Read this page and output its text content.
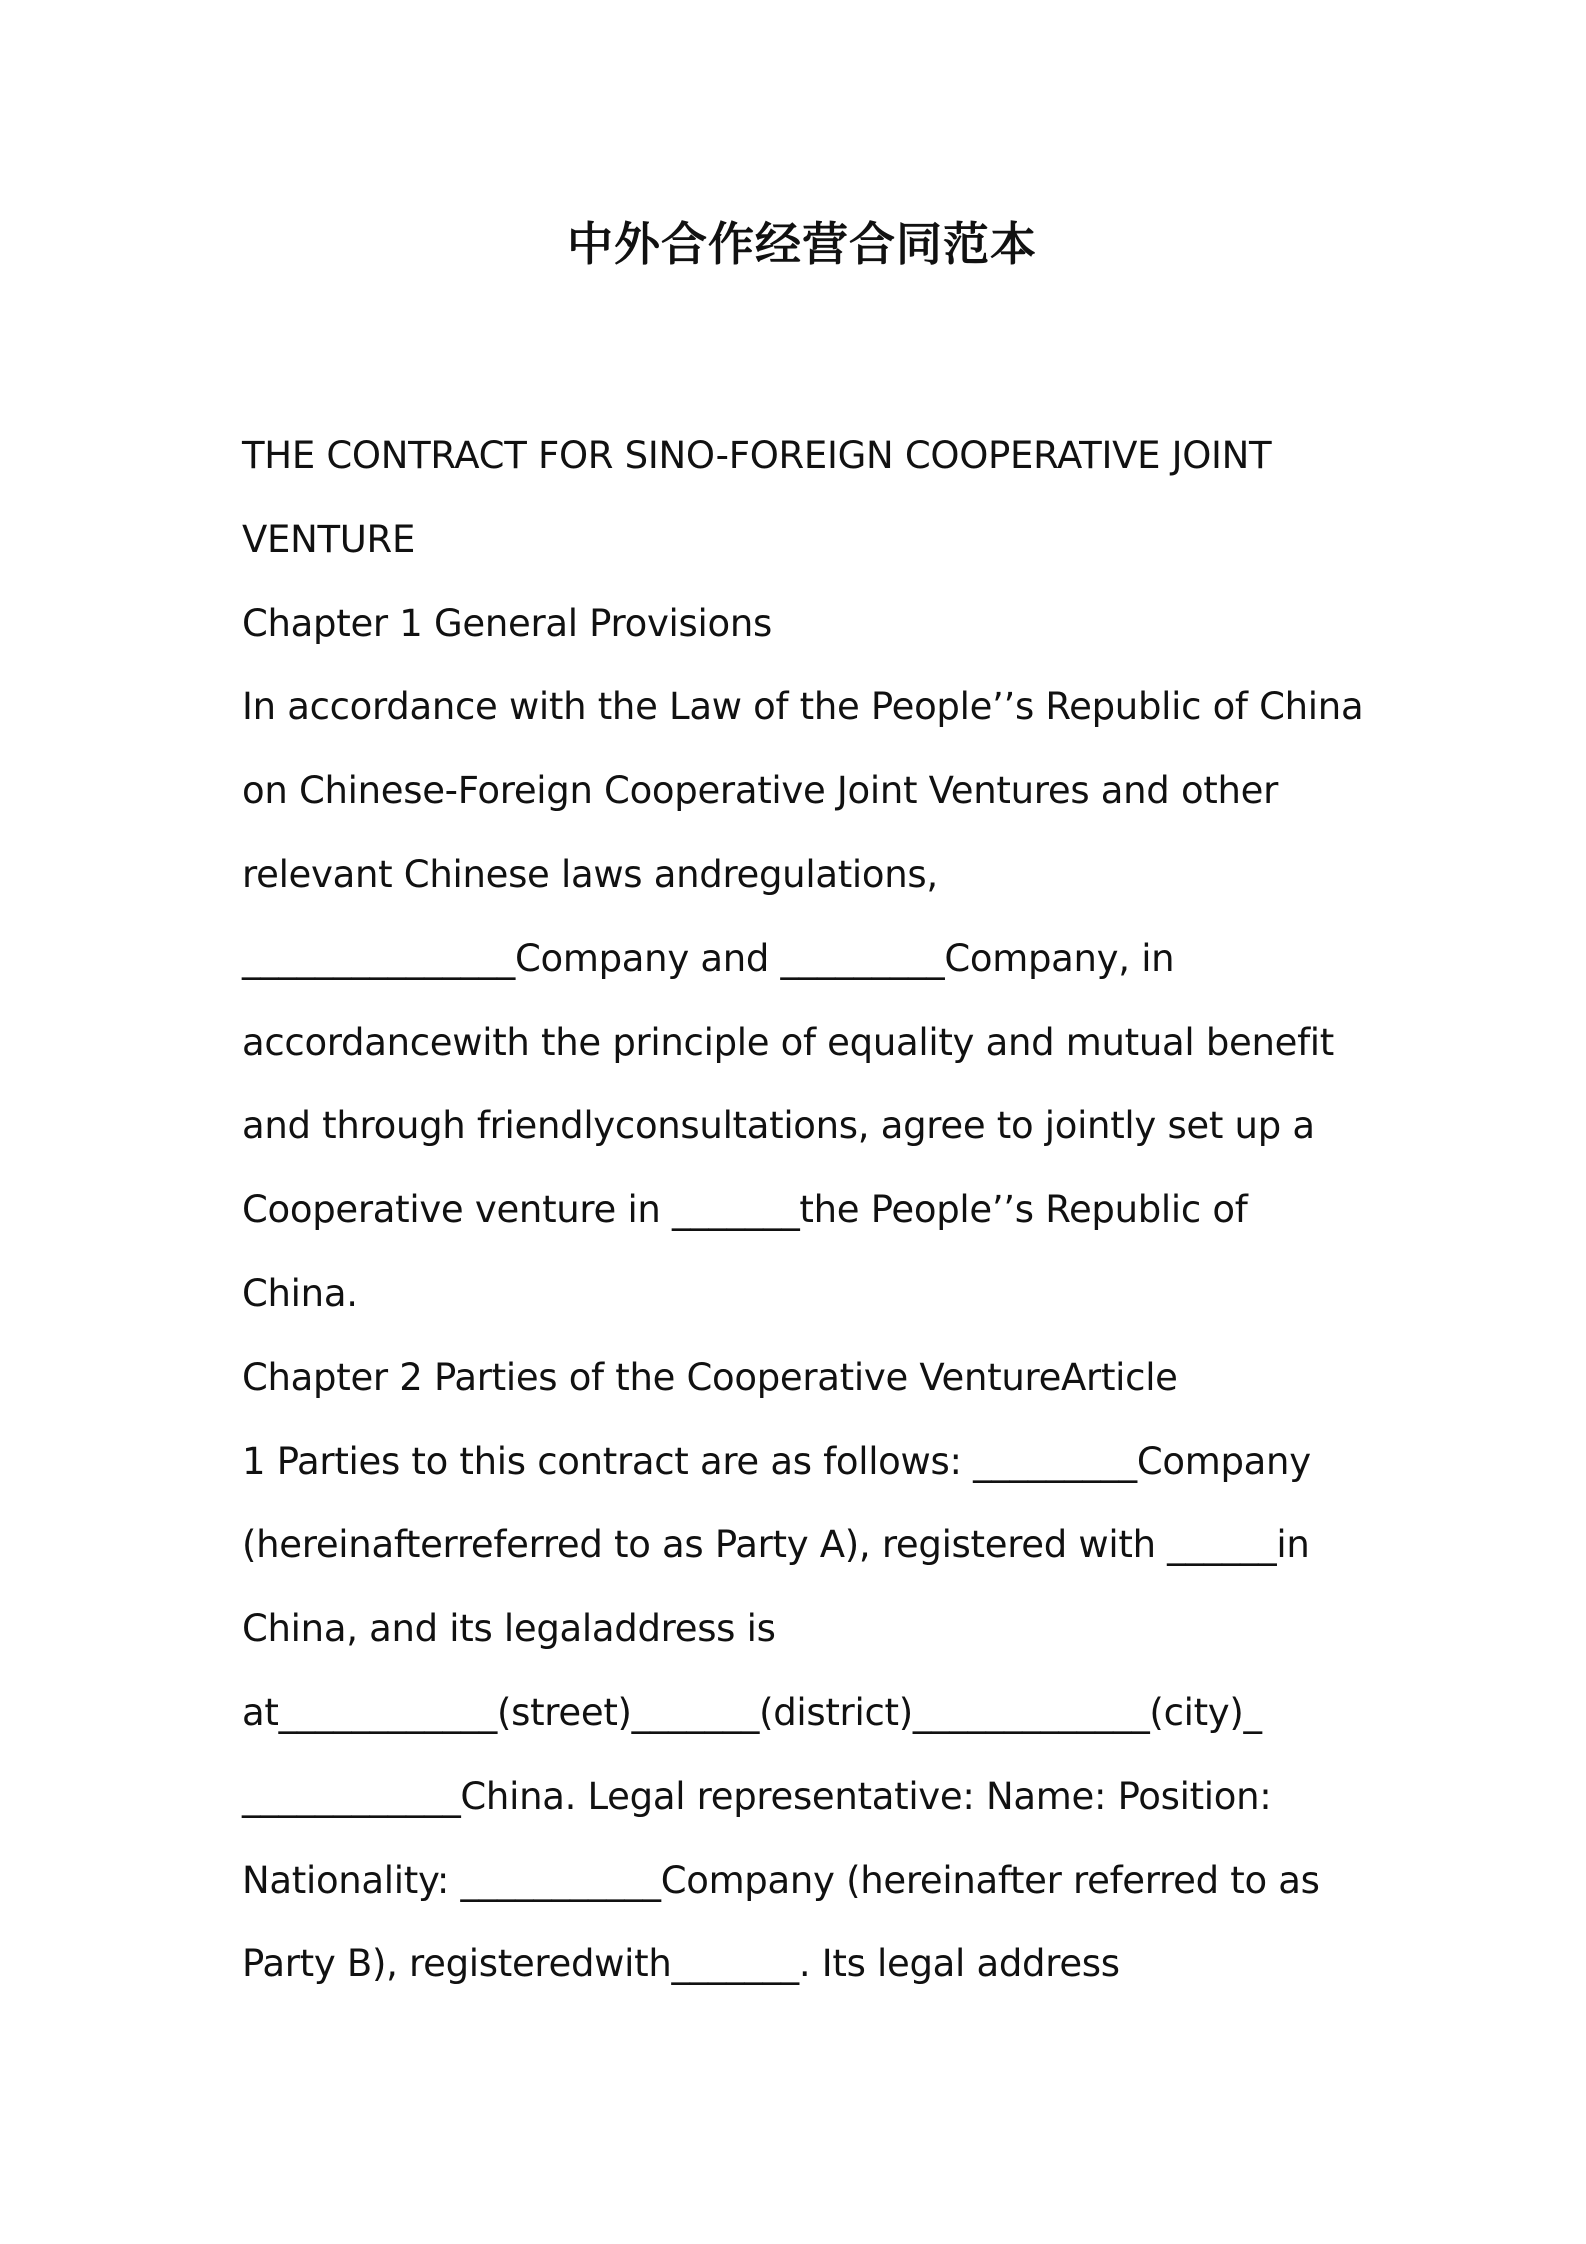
中外合作经营合同范本
THE CONTRACT FOR SINO-FOREIGN COOPERATIVE JOINT
VENTURE
Chapter 1 General Provisions
In accordance with the Law of the People’’s Republic of China
on Chinese-Foreign Cooperative Joint Ventures and other
relevant Chinese laws andregulations,
_______________Company and _________Company, in
accordancewith the principle of equality and mutual benefit
and through friendlyconsultations, agree to jointly set up a
Cooperative venture in _______the People’’s Republic of
China.
Chapter 2 Parties of the Cooperative VentureArticle
1 Parties to this contract are as follows: _________Company
(hereinafterreferred to as Party A), registered with ______in
China, and its legaladdress is
at____________(street)_______(district)_____________(city)_
____________China. Legal representative: Name: Position:
Nationality: ___________Company (hereinafter referred to as
Party B), registeredwith_______. Its legal address
